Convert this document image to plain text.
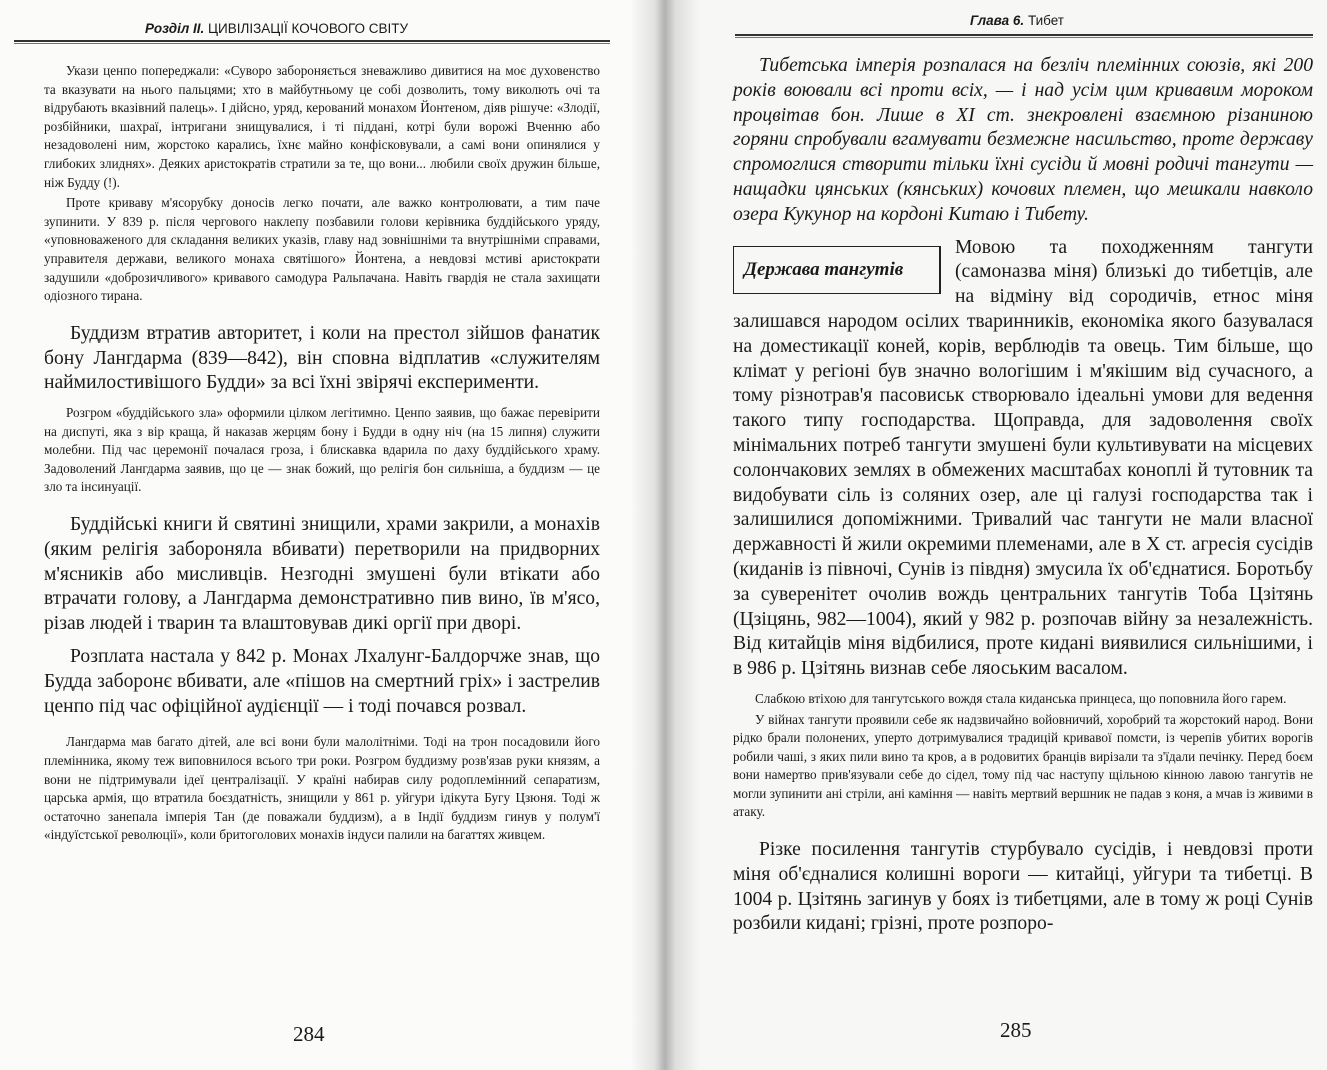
Розділ II. ЦИВІЛІЗАЦІЇ КОЧОВОГО СВІТУ

Укази ценпо попереджали: «Суворо забороняється зневажливо дивитися на моє духовенство та вказувати на нього пальцями; хто в майбутньому це собі дозволить, тому виколють очі та відрубають вказівний палець». І дійсно, уряд, керований монахом Йонтеном, діяв рішуче: «Злодії, розбійники, шахраї, інтригани знищувалися, і ті піддані, котрі були ворожі Вченню або незадоволені ним, жорстоко карались, їхнє майно конфісковували, а самі вони опинялися у глибоких злиднях». Деяких аристократів стратили за те, що вони... любили своїх дружин більше, ніж Будду (!).

Проте криваву м'ясорубку доносів легко почати, але важко контролювати, а тим паче зупинити. У 839 р. після чергового наклепу позбавили голови керівника буддійського уряду, «уповноваженого для складання великих указів, главу над зовнішніми та внутрішніми справами, управителя держави, великого монаха святішого» Йонтена, а невдовзі мстиві аристократи задушили «доброзичливого» кривавого самодура Ральпачана. Навіть гвардія не стала захищати одіозного тирана.

Буддизм втратив авторитет, і коли на престол зійшов фанатик бону Лангдарма (839—842), він сповна відплатив «служителям наймилостивішого Будди» за всі їхні звірячі експерименти.

Розгром «буддійського зла» оформили цілком легітимно. Ценпо заявив, що бажає перевірити на диспуті, яка з вір краща, й наказав жерцям бону і Будди в одну ніч (на 15 липня) служити молебни. Під час церемонії почалася гроза, і блискавка вдарила по даху буддійського храму. Задоволений Лангдарма заявив, що це — знак божий, що релігія бон сильніша, а буддизм — це зло та інсинуації.

Буддійські книги й святині знищили, храми закрили, а монахів (яким релігія забороняла вбивати) перетворили на придворних м'ясників або мисливців. Незгодні змушені були втікати або втрачати голову, а Лангдарма демонстративно пив вино, їв м'ясо, різав людей і тварин та влаштовував дикі оргії при дворі.

Розплата настала у 842 р. Монах Лхалунг-Балдорчже знав, що Будда заборонє вбивати, але «пішов на смертний гріх» і застрелив ценпо під час офіційної аудієнції — і тоді почався розвал.

Лангдарма мав багато дітей, але всі вони були малолітніми. Тоді на трон посадовили його племінника, якому теж виповнилося всього три роки. Розгром буддизму розв'язав руки князям, а вони не підтримували ідеї централізації. У країні набирав силу родоплемінний сепаратизм, царська армія, що втратила боєздатність, знищили у 861 р. уйгури ідікута Бугу Цзюня. Тоді ж остаточно занепала імперія Тан (де поважали буддизм), а в Індії буддизм гинув у полум'ї «індуїстської революції», коли бритоголових монахів індуси палили на багаттях живцем.

284
Глава 6. Тибет

Тибетська імперія розпалася на безліч племінних союзів, які 200 років воювали всі проти всіх, — і над усім цим кривавим мороком процвітав бон. Лише в XI ст. знекровлені взаємною різаниною горяни спробували вгамувати безмежне насильство, проте державу спромоглися створити тільки їхні сусіди й мовні родичі тангути — нащадки цянських (кянських) кочових племен, що мешкали навколо озера Кукунор на кордоні Китаю і Тибету.

Держава тангутів

Мовою та походженням тангути (самоназва міня) близькі до тибетців, але на відміну від сородичів, етнос міня залишався народом осілих тваринників, економіка якого базувалася на доместикації коней, корів, верблюдів та овець. Тим більше, що клімат у регіоні був значно вологішим і м'якішим від сучасного, а тому різнотрав'я пасовиськ створювало ідеальні умови для ведення такого типу господарства. Щоправда, для задоволення своїх мінімальних потреб тангути змушені були культивувати на місцевих солончакових землях в обмежених масштабах коноплі й тутовник та видобувати сіль із соляних озер, але ці галузі господарства так і залишилися допоміжними. Тривалий час тангути не мали власної державності й жили окремими племенами, але в X ст. агресія сусідів (киданів із півночі, Сунів із півдня) змусила їх об'єднатися. Боротьбу за суверенітет очолив вождь центральних тангутів Тоба Цзітянь (Цзіцянь, 982—1004), який у 982 р. розпочав війну за незалежність. Від китайців міня відбилися, проте кидані виявилися сильнішими, і в 986 р. Цзітянь визнав себе ляоським васалом.

Слабкою втіхою для тангутського вождя стала киданська принцеса, що поповнила його гарем.

У війнах тангути проявили себе як надзвичайно войовничий, хоробрий та жорстокий народ. Вони рідко брали полонених, уперто дотримувалися традицій кривавої помсти, із черепів убитих ворогів робили чаші, з яких пили вино та кров, а в родовитих бранців вирізали та з'їдали печінку. Перед боєм вони намертво прив'язували себе до сідел, тому під час наступу щільною кінною лавою тангутів не могли зупинити ані стріли, ані каміння — навіть мертвий вершник не падав з коня, а мчав із живими в атаку.

Різке посилення тангутів стурбувало сусідів, і невдовзі проти міня об'єдналися колишні вороги — китайці, уйгури та тибетці. В 1004 р. Цзітянь загинув у боях із тибетцями, але в тому ж році Сунів розбили кидані; грізні, проте розпоро-

285
